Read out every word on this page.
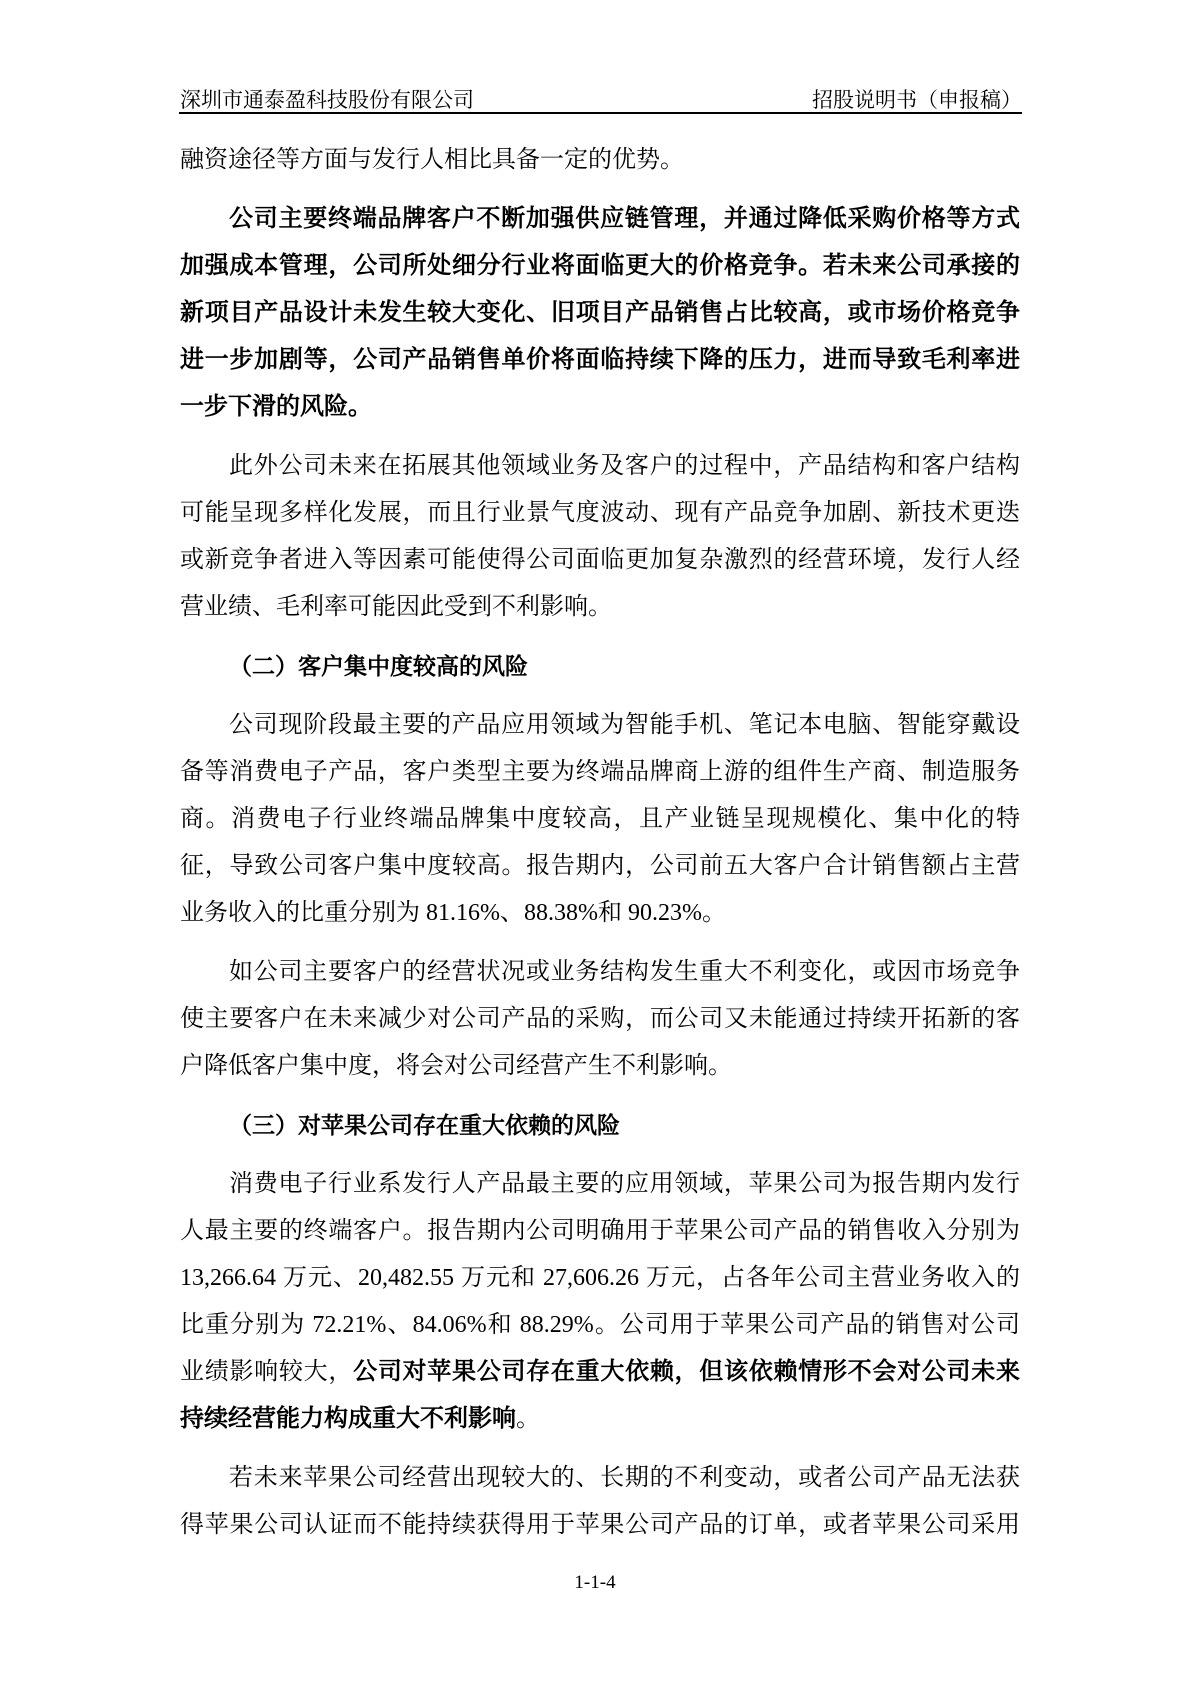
深圳市通泰盈科技股份有限公司	招股说明书（申报稿）
融资途径等方面与发行人相比具备一定的优势。
公司主要终端品牌客户不断加强供应链管理，并通过降低采购价格等方式
加强成本管理，公司所处细分行业将面临更大的价格竞争。若未来公司承接的
新项目产品设计未发生较大变化、旧项目产品销售占比较高，或市场价格竞争
进一步加剧等，公司产品销售单价将面临持续下降的压力，进而导致毛利率进
一步下滑的风险。
此外公司未来在拓展其他领域业务及客户的过程中，产品结构和客户结构
可能呈现多样化发展，而且行业景气度波动、现有产品竞争加剧、新技术更迭
或新竞争者进入等因素可能使得公司面临更加复杂激烈的经营环境，发行人经
营业绩、毛利率可能因此受到不利影响。
（二）客户集中度较高的风险
公司现阶段最主要的产品应用领域为智能手机、笔记本电脑、智能穿戴设
备等消费电子产品，客户类型主要为终端品牌商上游的组件生产商、制造服务
商。消费电子行业终端品牌集中度较高，且产业链呈现规模化、集中化的特
征，导致公司客户集中度较高。报告期内，公司前五大客户合计销售额占主营
业务收入的比重分别为 81.16%、88.38%和 90.23%。
如公司主要客户的经营状况或业务结构发生重大不利变化，或因市场竞争
使主要客户在未来减少对公司产品的采购，而公司又未能通过持续开拓新的客
户降低客户集中度，将会对公司经营产生不利影响。
（三）对苹果公司存在重大依赖的风险
消费电子行业系发行人产品最主要的应用领域，苹果公司为报告期内发行
人最主要的终端客户。报告期内公司明确用于苹果公司产品的销售收入分别为
13,266.64 万元、20,482.55 万元和 27,606.26 万元，占各年公司主营业务收入的
比重分别为 72.21%、84.06%和 88.29%。公司用于苹果公司产品的销售对公司
业绩影响较大，公司对苹果公司存在重大依赖，但该依赖情形不会对公司未来
持续经营能力构成重大不利影响。
若未来苹果公司经营出现较大的、长期的不利变动，或者公司产品无法获
得苹果公司认证而不能持续获得用于苹果公司产品的订单，或者苹果公司采用
1-1-4
